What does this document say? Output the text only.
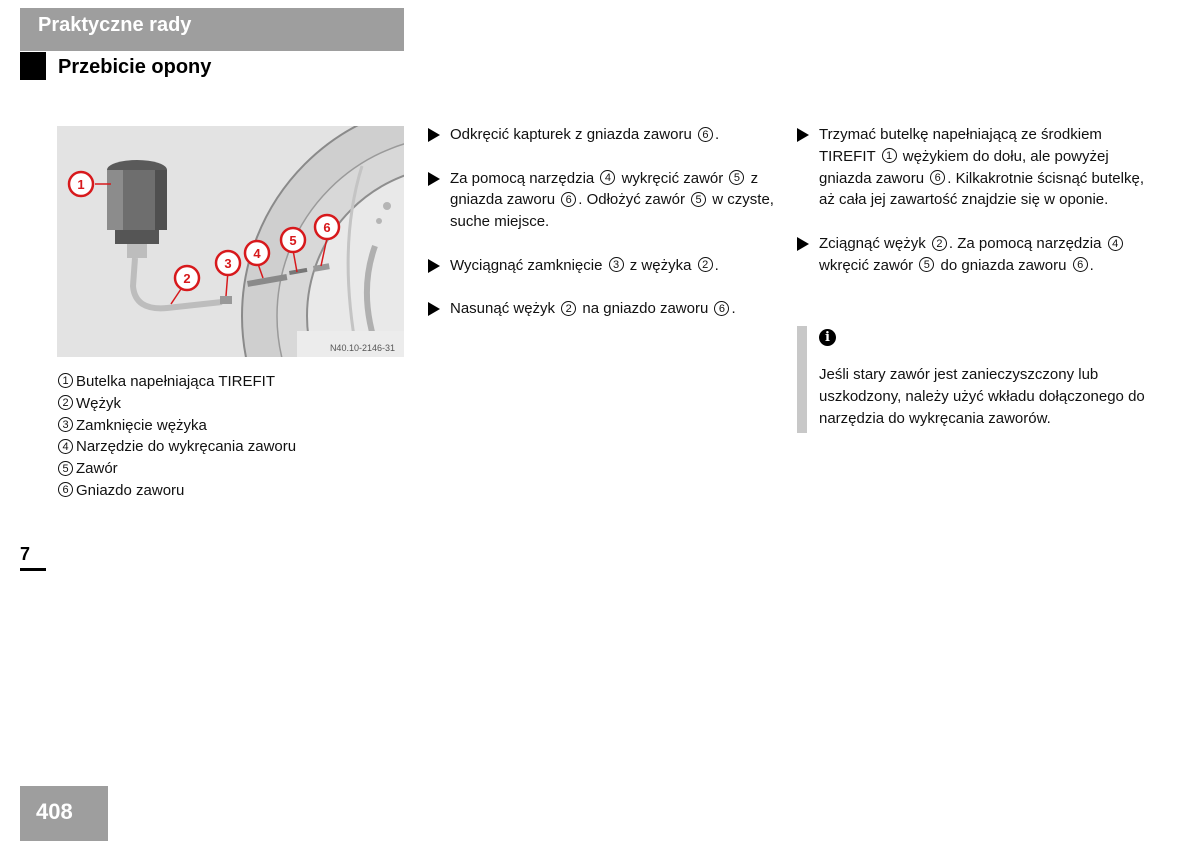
Praktyczne rady
Przebicie opony
1
2
3
4
5
6
N40.10-2146-31
1 Butelka napełniająca TIREFIT
2 Wężyk
3 Zamknięcie wężyka
4 Narzędzie do wykręcania zaworu
5 Zawór
6 Gniazdo zaworu
Odkręcić kapturek z gniazda zaworu 6 .
Za pomocą narzędzia 4 wykręcić zawór 5 z gniazda zaworu 6 . Odłożyć zawór 5 w czyste, suche miejsce.
Wyciągnąć zamknięcie 3 z wężyka 2 .
Nasunąć wężyk 2 na gniazdo zaworu 6 .
Trzymać butelkę napełniającą ze środkiem TIREFIT 1 wężykiem do dołu, ale powyżej gniazda zaworu 6 . Kilkakrotnie ścisnąć butelkę, aż cała jej zawartość znajdzie się w oponie.
Zciągnąć wężyk 2 . Za pomocą narzędzia 4 wkręcić zawór 5 do gniazda zaworu 6 .
i
Jeśli stary zawór jest zanieczyszczony lub uszkodzony, należy użyć wkładu dołączonego do narzędzia do wykręcania zaworów.
7
408
